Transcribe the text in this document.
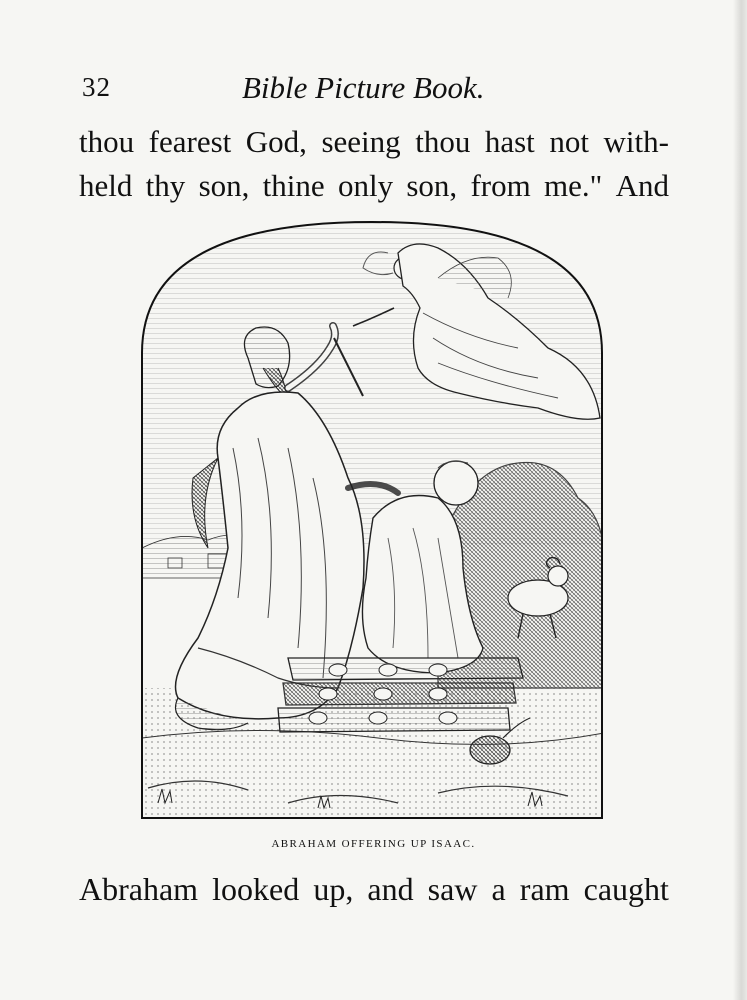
32	Bible Picture Book.
thou fearest God, seeing thou hast not with-
held thy son, thine only son, from me." And
ABRAHAM OFFERING UP ISAAC.
Abraham looked up, and saw a ram caught
